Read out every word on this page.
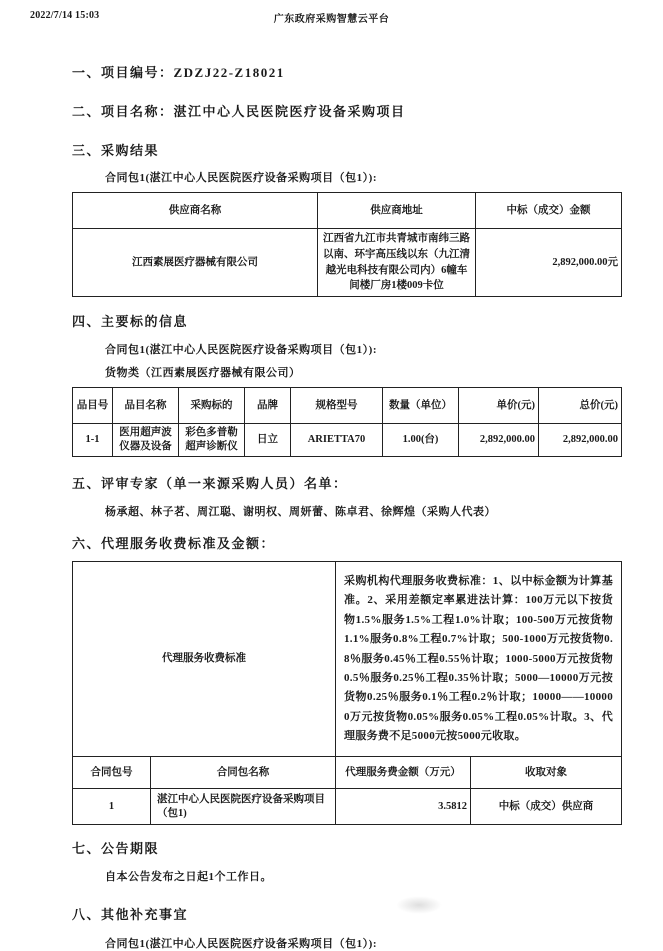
2022/7/14 15:03	广东政府采购智慧云平台
一、项目编号：ZDZJ22-Z18021
二、项目名称：湛江中心人民医院医疗设备采购项目
三、采购结果
合同包1(湛江中心人民医院医疗设备采购项目（包1）):
供应商名称	供应商地址	中标（成交）金额
江西素展医疗器械有限公司	江西省九江市共青城市南纬三路以南、环宇高压线以东（九江清越光电科技有限公司内）6幢车间楼厂房1楼009卡位	2,892,000.00元
四、主要标的信息
合同包1(湛江中心人民医院医疗设备采购项目（包1）):
货物类（江西素展医疗器械有限公司）
品目号	品目名称	采购标的	品牌	规格型号	数量（单位）	单价(元)	总价(元)
1-1	医用超声波仪器及设备	彩色多普勒超声诊断仪	日立	ARIETTA70	1.00(台)	2,892,000.00	2,892,000.00
五、评审专家（单一来源采购人员）名单：
杨承超、林子茗、周江聪、谢明权、周妍蕾、陈卓君、徐辉煌（采购人代表）
六、代理服务收费标准及金额：
代理服务收费标准		采购机构代理服务收费标准：1、以中标金额为计算基准。2、采用差额定率累进法计算：100万元以下按货物1.5%服务1.5%工程1.0%计取；100-500万元按货物1.1%服务0.8%工程0.7%计取；500-1000万元按货物0.8％服务0.45％工程0.55％计取；1000-5000万元按货物0.5％服务0.25％工程0.35％计取；5000—10000万元按货物0.25％服务0.1％工程0.2％计取；10000——100000万元按货物0.05%服务0.05%工程0.05%计取。3、代理服务费不足5000元按5000元收取。	
合同包号	合同包名称	代理服务费金额（万元）	收取对象
1	湛江中心人民医院医疗设备采购项目（包1)	3.5812	中标（成交）供应商
七、公告期限
自本公告发布之日起1个工作日。
八、其他补充事宜
合同包1(湛江中心人民医院医疗设备采购项目（包1）):
